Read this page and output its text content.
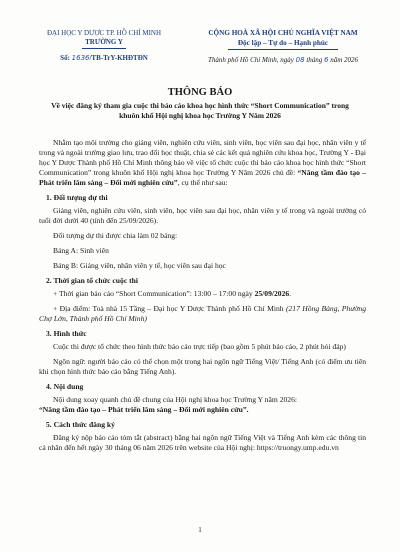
ĐẠI HỌC Y DƯỢC TP. HỒ CHÍ MINH
TRƯỜNG Y
Số: 1636/TB-TrY-KHĐTĐN
CỘNG HOÀ XÃ HỘI CHỦ NGHĨA VIỆT NAM
Độc lập – Tự do – Hạnh phúc
Thành phố Hồ Chí Minh, ngày 08 tháng 6 năm 2026
THÔNG BÁO
Về việc đăng ký tham gia cuộc thi báo cáo khoa học hình thức “Short Communication” trong khuôn khổ Hội nghị khoa học Trường Y Năm 2026

Nhằm tạo môi trường cho giảng viên, nghiên cứu viên, sinh viên, học viên sau đại học, nhân viên y tế trong và ngoài trường giao lưu, trao đổi học thuật, chia sẻ các kết quả nghiên cứu khoa học, Trường Y - Đại học Y Dược Thành phố Hồ Chí Minh thông báo về việc tổ chức cuộc thi báo cáo khoa học hình thức “Short Communication” trong khuôn khổ Hội nghị khoa học Trường Y Năm 2026 chủ đề: “Nâng tầm đào tạo – Phát triển lâm sàng – Đổi mới nghiên cứu”, cụ thể như sau:

1. Đối tượng dự thi

Giảng viên, nghiên cứu viên, sinh viên, học viên sau đại học, nhân viên y tế trong và ngoài trường có tuổi đời dưới 40 (tính đến 25/09/2026).

Đối tượng dự thi được chia làm 02 bảng:

Bảng A: Sinh viên

Bảng B: Giảng viên, nhân viên y tế, học viên sau đại học

2. Thời gian tổ chức cuộc thi

+ Thời gian báo cáo “Short Communication”: 13:00 – 17:00 ngày 25/09/2026.

+ Địa điểm: Toà nhà 15 Tầng – Đại học Y Dược Thành phố Hồ Chí Minh (217 Hồng Bàng, Phường Chợ Lớn, Thành phố Hồ Chí Minh)

3. Hình thức

Cuộc thi được tổ chức theo hình thức báo cáo trực tiếp (bao gồm 5 phút báo cáo, 2 phút hỏi đáp)

Ngôn ngữ: người báo cáo có thể chọn một trong hai ngôn ngữ Tiếng Việt/ Tiếng Anh (có điểm ưu tiên khi chọn hình thức báo cáo bằng Tiếng Anh).

4. Nội dung

Nội dung xoay quanh chủ đề chung của Hội nghị khoa học Trường Y năm 2026:

“Nâng tầm đào tạo – Phát triển lâm sàng – Đổi mới nghiên cứu”.

5. Cách thức đăng ký

Đăng ký nộp báo cáo tóm tắt (abstract) bằng hai ngôn ngữ Tiếng Việt và Tiếng Anh kèm các thông tin cá nhân đến hết ngày 30 tháng 06 năm 2026 trên website của Hội nghị: https://truongy.ump.edu.vn

1
